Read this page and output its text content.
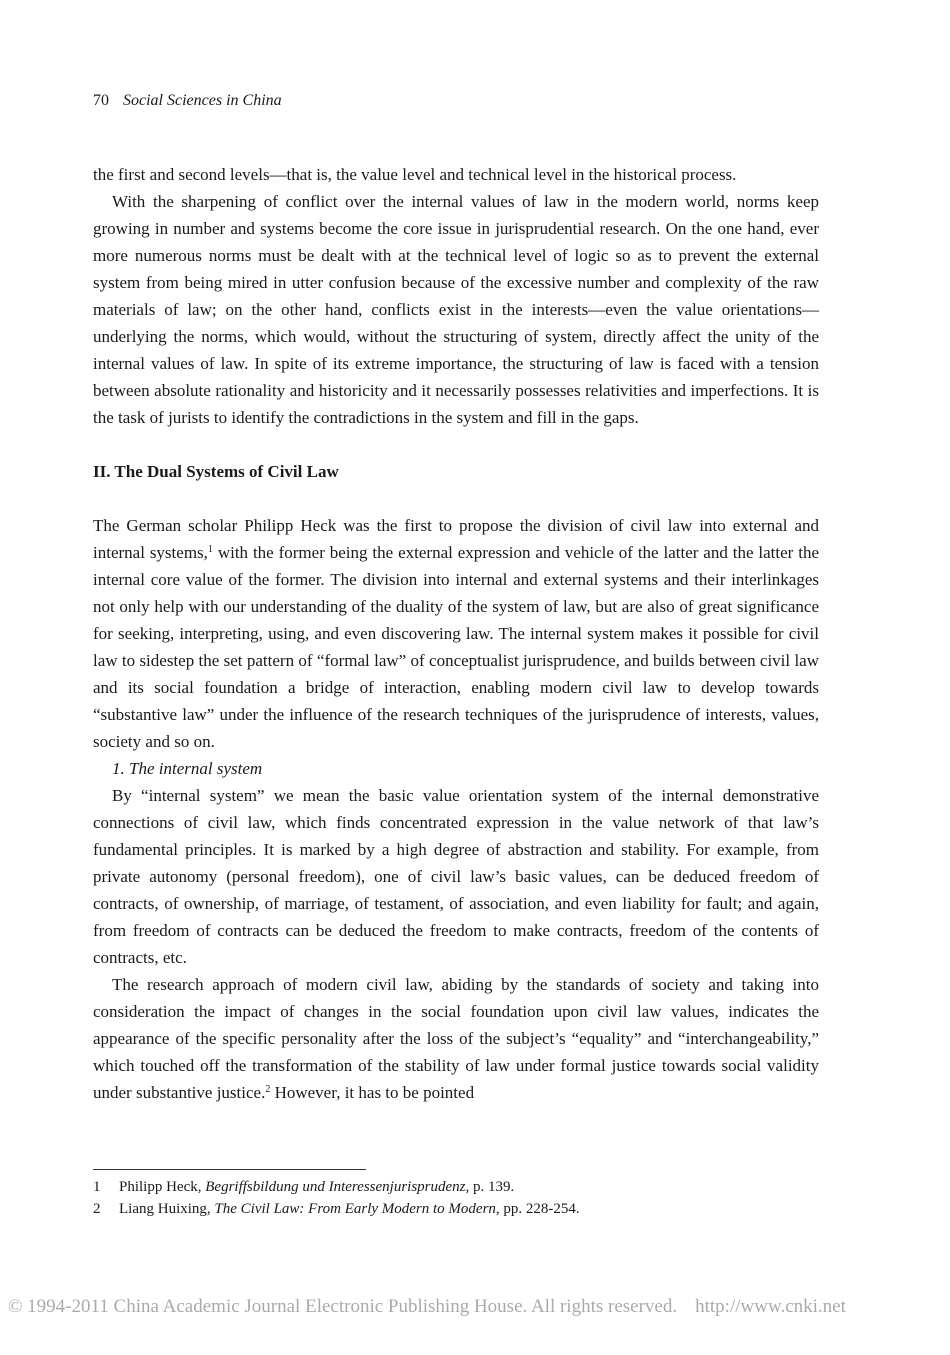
70 Social Sciences in China

the first and second levels—that is, the value level and technical level in the historical process.

With the sharpening of conflict over the internal values of law in the modern world, norms keep growing in number and systems become the core issue in jurisprudential research. On the one hand, ever more numerous norms must be dealt with at the technical level of logic so as to prevent the external system from being mired in utter confusion because of the excessive number and complexity of the raw materials of law; on the other hand, conflicts exist in the interests—even the value orientations—underlying the norms, which would, without the structuring of system, directly affect the unity of the internal values of law. In spite of its extreme importance, the structuring of law is faced with a tension between absolute rationality and historicity and it necessarily possesses relativities and imperfections. It is the task of jurists to identify the contradictions in the system and fill in the gaps.

II. The Dual Systems of Civil Law

The German scholar Philipp Heck was the first to propose the division of civil law into external and internal systems,$^1$ with the former being the external expression and vehicle of the latter and the latter the internal core value of the former. The division into internal and external systems and their interlinkages not only help with our understanding of the duality of the system of law, but are also of great significance for seeking, interpreting, using, and even discovering law. The internal system makes it possible for civil law to sidestep the set pattern of “formal law” of conceptualist jurisprudence, and builds between civil law and its social foundation a bridge of interaction, enabling modern civil law to develop towards “substantive law” under the influence of the research techniques of the jurisprudence of interests, values, society and so on.

1. The internal system

By “internal system” we mean the basic value orientation system of the internal demonstrative connections of civil law, which finds concentrated expression in the value network of that law’s fundamental principles. It is marked by a high degree of abstraction and stability. For example, from private autonomy (personal freedom), one of civil law’s basic values, can be deduced freedom of contracts, of ownership, of marriage, of testament, of association, and even liability for fault; and again, from freedom of contracts can be deduced the freedom to make contracts, freedom of the contents of contracts, etc.

The research approach of modern civil law, abiding by the standards of society and taking into consideration the impact of changes in the social foundation upon civil law values, indicates the appearance of the specific personality after the loss of the subject’s “equality” and “interchangeability,” which touched off the transformation of the stability of law under formal justice towards social validity under substantive justice.$^2$ However, it has to be pointed

1 Philipp Heck, Begriffsbildung und Interessenjurisprudenz, p. 139.
2 Liang Huixing, The Civil Law: From Early Modern to Modern, pp. 228-254.
© 1994-2011 China Academic Journal Electronic Publishing House. All rights reserved. http://www.cnki.net
